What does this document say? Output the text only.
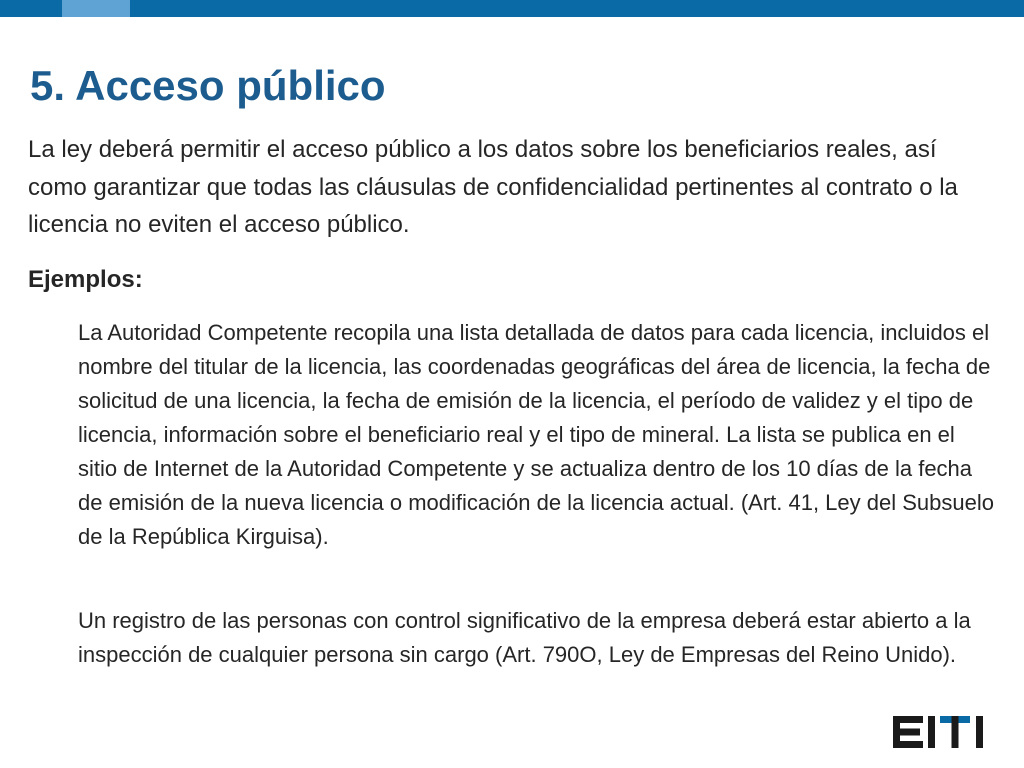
5. Acceso público

La ley deberá permitir el acceso público a los datos sobre los beneficiarios reales, así como garantizar que todas las cláusulas de confidencialidad pertinentes al contrato o la licencia no eviten el acceso público.

Ejemplos:

La Autoridad Competente recopila una lista detallada de datos para cada licencia, incluidos el nombre del titular de la licencia, las coordenadas geográficas del área de licencia, la fecha de solicitud de una licencia, la fecha de emisión de la licencia, el período de validez y el tipo de licencia, información sobre el beneficiario real y el tipo de mineral. La lista se publica en el sitio de Internet de la Autoridad Competente y se actualiza dentro de los 10 días de la fecha de emisión de la nueva licencia o modificación de la licencia actual. (Art. 41, Ley del Subsuelo de la República Kirguisa).

Un registro de las personas con control significativo de la empresa deberá estar abierto a la inspección de cualquier persona sin cargo (Art. 790O, Ley de Empresas del Reino Unido).
